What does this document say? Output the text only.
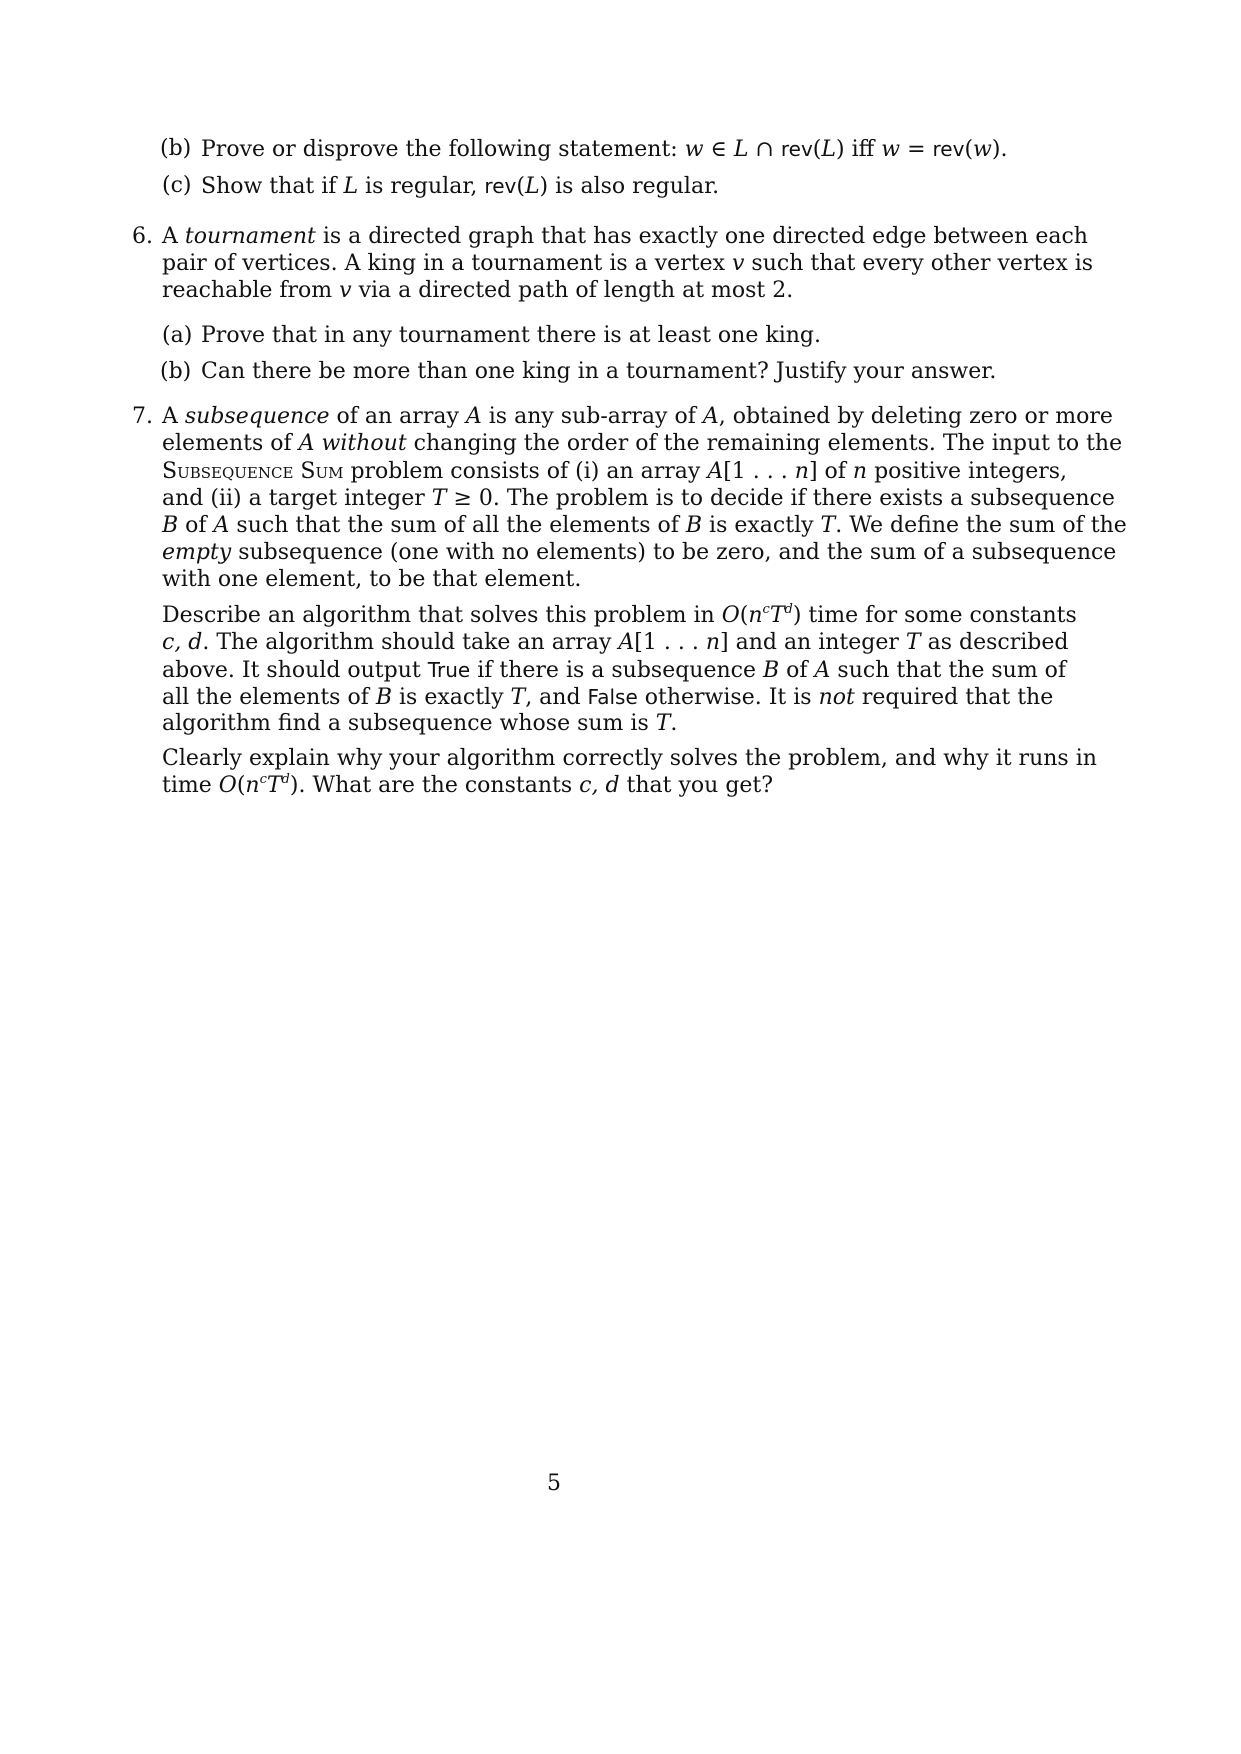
(b) Prove or disprove the following statement: w ∈ L ∩ rev(L) iff w = rev(w).
(c) Show that if L is regular, rev(L) is also regular.
6. A tournament is a directed graph that has exactly one directed edge between each
pair of vertices. A king in a tournament is a vertex v such that every other vertex is
reachable from v via a directed path of length at most 2.
(a) Prove that in any tournament there is at least one king.
(b) Can there be more than one king in a tournament? Justify your answer.
7. A subsequence of an array A is any sub-array of A, obtained by deleting zero or more
elements of A without changing the order of the remaining elements. The input to the
Subsequence Sum problem consists of (i) an array A[1 . . . n] of n positive integers,
and (ii) a target integer T ≥ 0. The problem is to decide if there exists a subsequence
B of A such that the sum of all the elements of B is exactly T. We define the sum of the
empty subsequence (one with no elements) to be zero, and the sum of a subsequence
with one element, to be that element.
Describe an algorithm that solves this problem in $O(n^cT^d)$ time for some constants
c, d. The algorithm should take an array A[1 . . . n] and an integer T as described
above. It should output True if there is a subsequence B of A such that the sum of
all the elements of B is exactly T, and False otherwise. It is not required that the
algorithm find a subsequence whose sum is T.
Clearly explain why your algorithm correctly solves the problem, and why it runs in
time $O(n^cT^d)$. What are the constants c, d that you get?
5
